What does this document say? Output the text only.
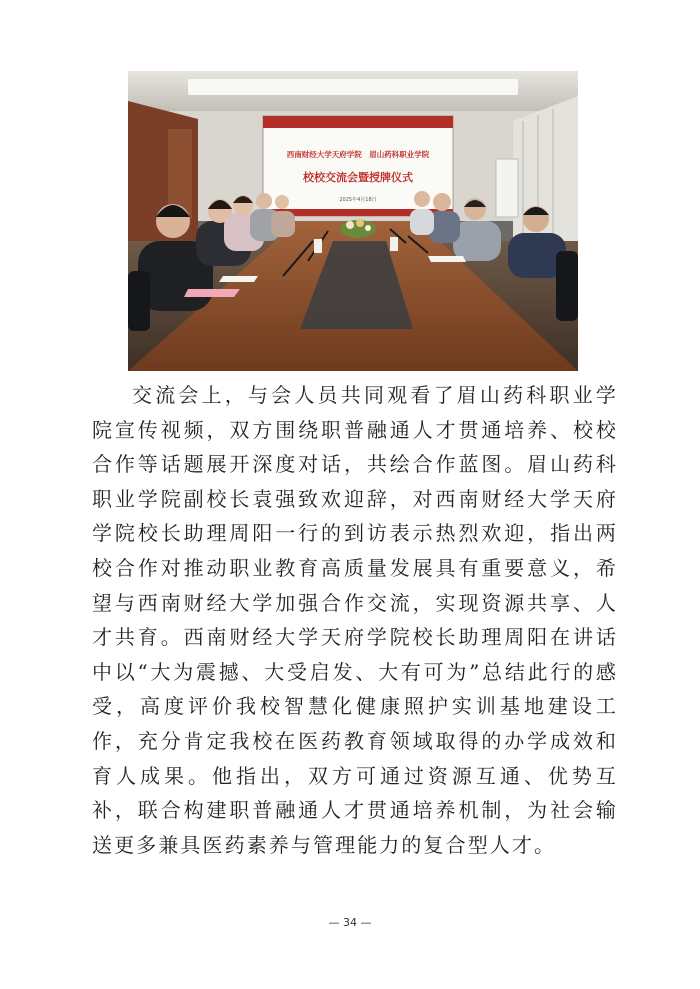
西南财经大学天府学院　眉山药科职业学院
校校交流会暨授牌仪式
2025年4月18日

交流会上，与会人员共同观看了眉山药科职业学院宣传视频，双方围绕职普融通人才贯通培养、校校合作等话题展开深度对话，共绘合作蓝图。眉山药科职业学院副校长袁强致欢迎辞，对西南财经大学天府学院校长助理周阳一行的到访表示热烈欢迎，指出两校合作对推动职业教育高质量发展具有重要意义，希望与西南财经大学加强合作交流，实现资源共享、人才共育。西南财经大学天府学院校长助理周阳在讲话中以“大为震撼、大受启发、大有可为”总结此行的感受，高度评价我校智慧化健康照护实训基地建设工作，充分肯定我校在医药教育领域取得的办学成效和育人成果。他指出，双方可通过资源互通、优势互补，联合构建职普融通人才贯通培养机制，为社会输送更多兼具医药素养与管理能力的复合型人才。

— 34 —
